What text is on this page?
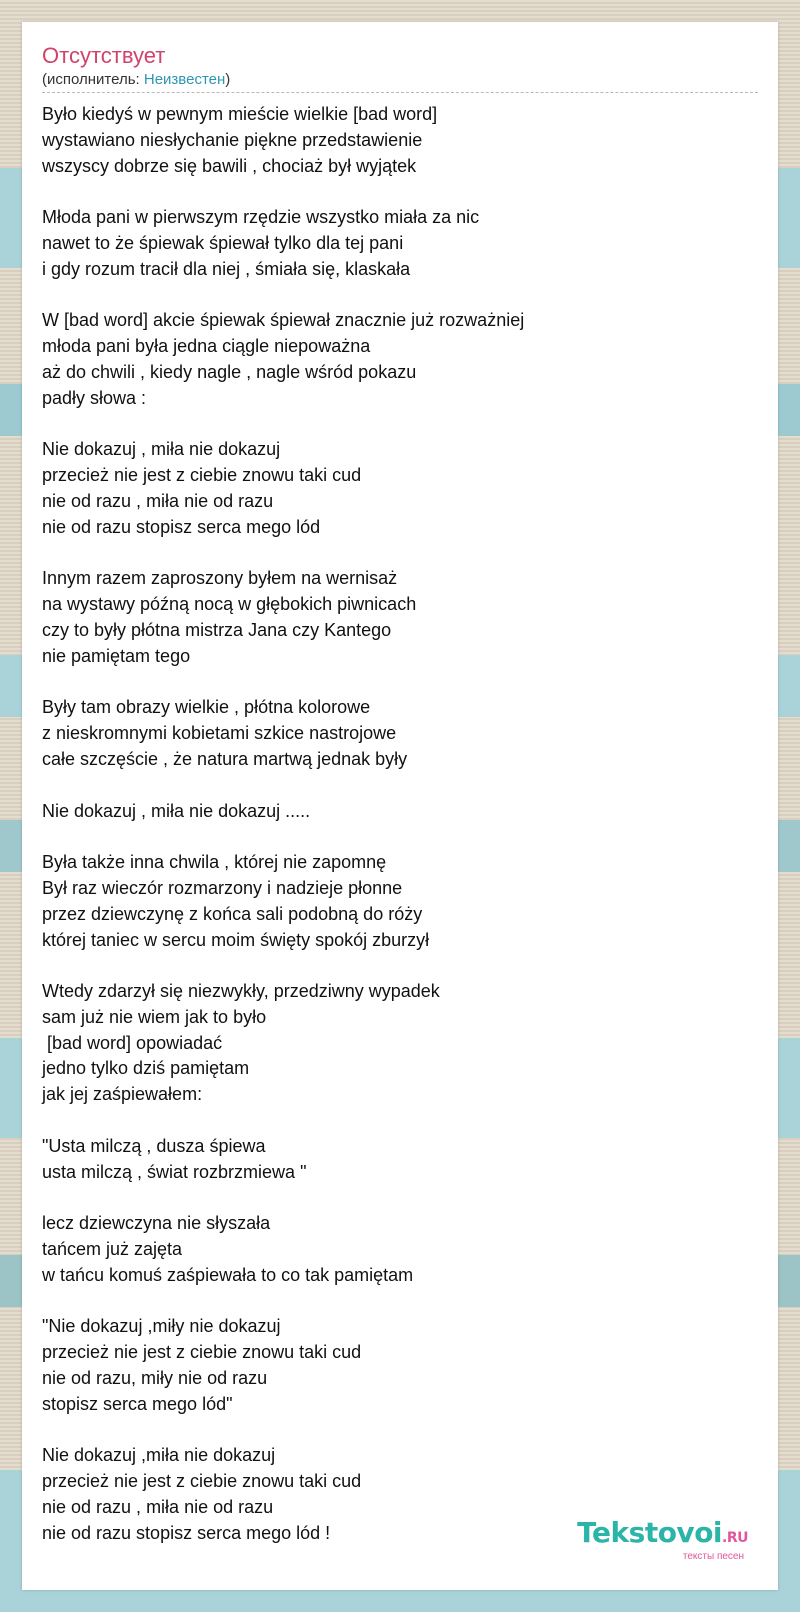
Отсутствует
(исполнитель: Неизвестен)
Było kiedyś w pewnym mieście wielkie [bad word]
wystawiano niesłychanie piękne przedstawienie
wszyscy dobrze się bawili , chociaż był wyjątek
Młoda pani w pierwszym rzędzie wszystko miała za nic
nawet to że śpiewak śpiewał tylko dla tej pani
i gdy rozum tracił dla niej , śmiała się, klaskała
W [bad word] akcie śpiewak śpiewał znacznie już rozważniej
młoda pani była jedna ciągle niepoważna
aż do chwili , kiedy nagle , nagle wśród pokazu
padły słowa :
Nie dokazuj , miła nie dokazuj
przecież nie jest z ciebie znowu taki cud
nie od razu , miła nie od razu
nie od razu stopisz serca mego lód
Innym razem zaproszony byłem na wernisaż
na wystawy późną nocą w głębokich piwnicach
czy to były płótna mistrza Jana czy Kantego
nie pamiętam tego
Były tam obrazy wielkie , płótna kolorowe
z nieskromnymi kobietami szkice nastrojowe
całe szczęście , że natura martwą jednak były
Nie dokazuj , miła nie dokazuj .....
Była także inna chwila , której nie zapomnę
Był raz wieczór rozmarzony i nadzieje płonne
przez dziewczynę z końca sali podobną do róży
której taniec w sercu moim święty spokój zburzył
Wtedy zdarzył się niezwykły, przedziwny wypadek
sam już nie wiem jak to było
[bad word] opowiadać
jedno tylko dziś pamiętam
jak jej zaśpiewałem:
"Usta milczą , dusza śpiewa
usta milczą , świat rozbrzmiewa "
lecz dziewczyna nie słyszała
tańcem już zajęta
w tańcu komuś zaśpiewała to co tak pamiętam
"Nie dokazuj ,miły nie dokazuj
przecież nie jest z ciebie znowu taki cud
nie od razu, miły nie od razu
stopisz serca mego lód"
Nie dokazuj ,miła nie dokazuj
przecież nie jest z ciebie znowu taki cud
nie od razu , miła nie od razu
nie od razu stopisz serca mego lód !	Tekstovoi.RU
тексты песен
